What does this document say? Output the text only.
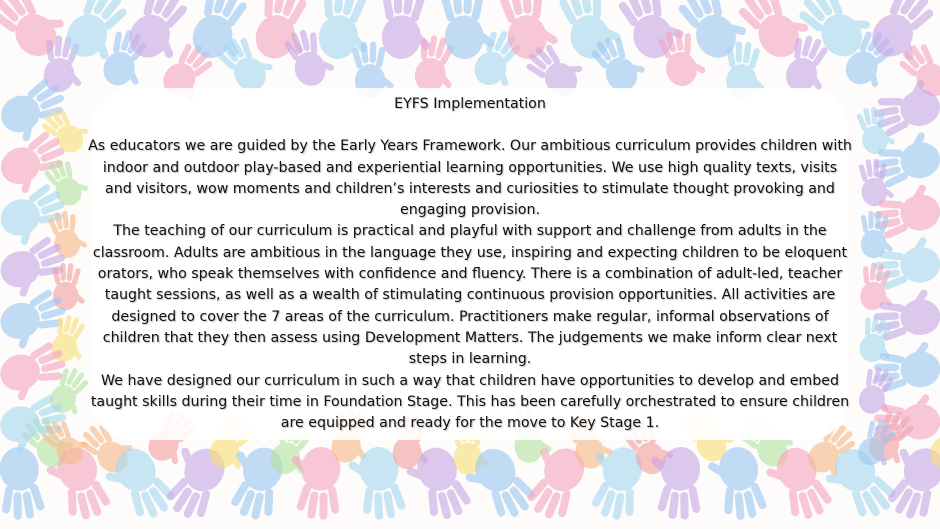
EYFS Implementation

As educators we are guided by the Early Years Framework. Our ambitious curriculum provides children with indoor and outdoor play-based and experiential learning opportunities. We use high quality texts, visits and visitors, wow moments and children’s interests and curiosities to stimulate thought provoking and engaging provision.

The teaching of our curriculum is practical and playful with support and challenge from adults in the classroom. Adults are ambitious in the language they use, inspiring and expecting children to be eloquent orators, who speak themselves with confidence and fluency. There is a combination of adult-led, teacher taught sessions, as well as a wealth of stimulating continuous provision opportunities. All activities are designed to cover the 7 areas of the curriculum. Practitioners make regular, informal observations of children that they then assess using Development Matters. The judgements we make inform clear next steps in learning.

We have designed our curriculum in such a way that children have opportunities to develop and embed taught skills during their time in Foundation Stage. This has been carefully orchestrated to ensure children are equipped and ready for the move to Key Stage 1.
